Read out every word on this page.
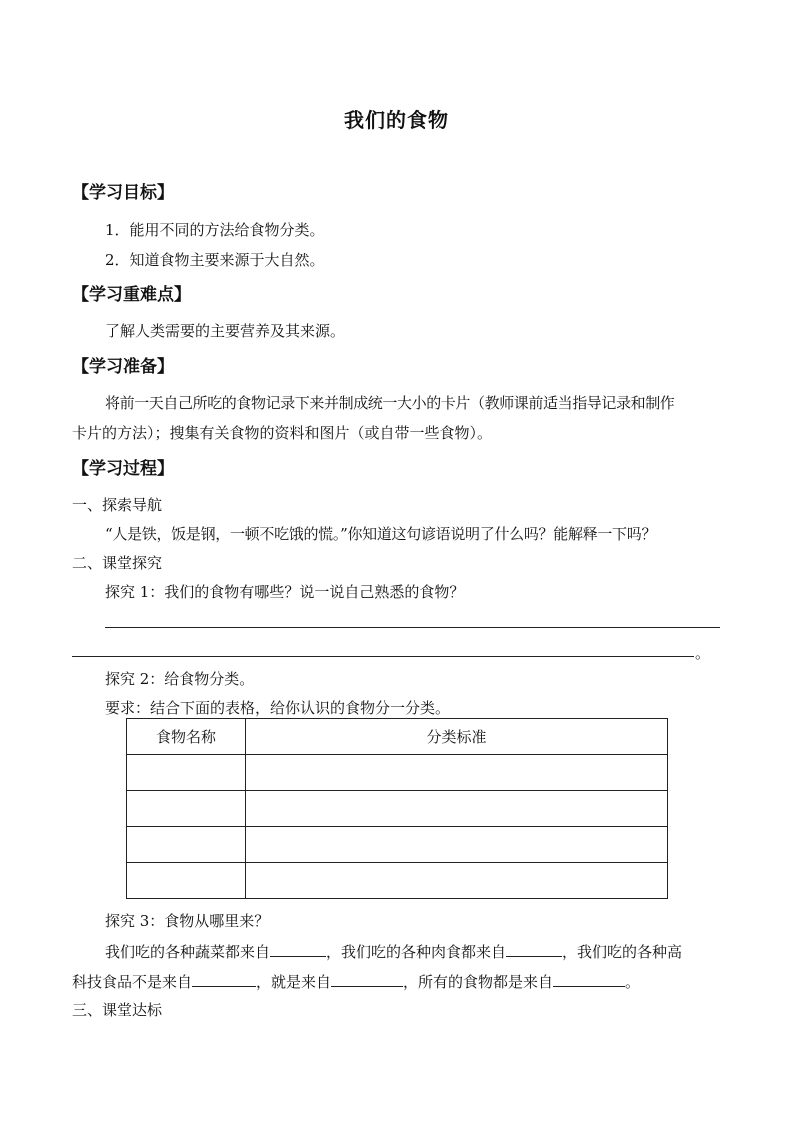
我们的食物
【学习目标】
1．能用不同的方法给食物分类。
2．知道食物主要来源于大自然。
【学习重难点】
了解人类需要的主要营养及其来源。
【学习准备】
将前一天自己所吃的食物记录下来并制成统一大小的卡片（教师课前适当指导记录和制作
卡片的方法）；搜集有关食物的资料和图片（或自带一些食物）。
【学习过程】
一、探索导航
“人是铁，饭是钢，一顿不吃饿的慌。”你知道这句谚语说明了什么吗？能解释一下吗？
二、课堂探究
探究 1：我们的食物有哪些？说一说自己熟悉的食物？
。
探究 2：给食物分类。
要求：结合下面的表格，给你认识的食物分一分类。
食物名称	分类标准

探究 3：食物从哪里来？
我们吃的各种蔬菜都来自	，我们吃的各种肉食都来自	，我们吃的各种高
科技食品不是来自	，就是来自	，所有的食物都是来自	。
三、课堂达标
